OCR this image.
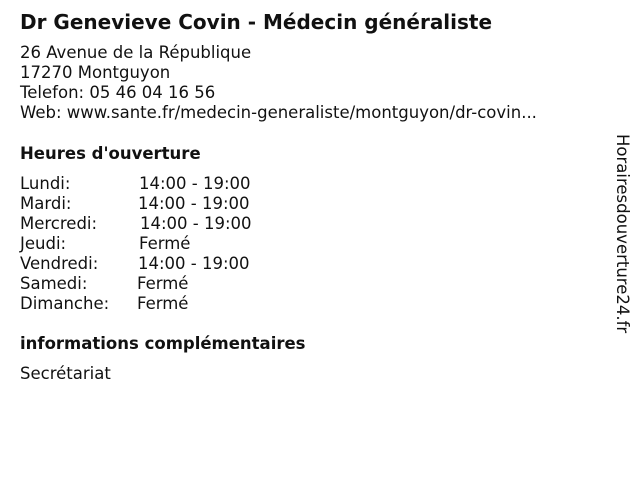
Dr Genevieve Covin - Médecin généraliste
26 Avenue de la République
17270 Montguyon
Telefon: 05 46 04 16 56
Web: www.sante.fr/medecin-generaliste/montguyon/dr-covin...
Heures d'ouverture
Lundi:	14:00 - 19:00
Mardi:	14:00 - 19:00
Mercredi:	14:00 - 19:00
Jeudi:	Fermé
Vendredi: 14:00 - 19:00
Samedi:	Fermé
Dimanche: Fermé
informations complémentaires
Secrétariat
Horairesdouverture24.fr
